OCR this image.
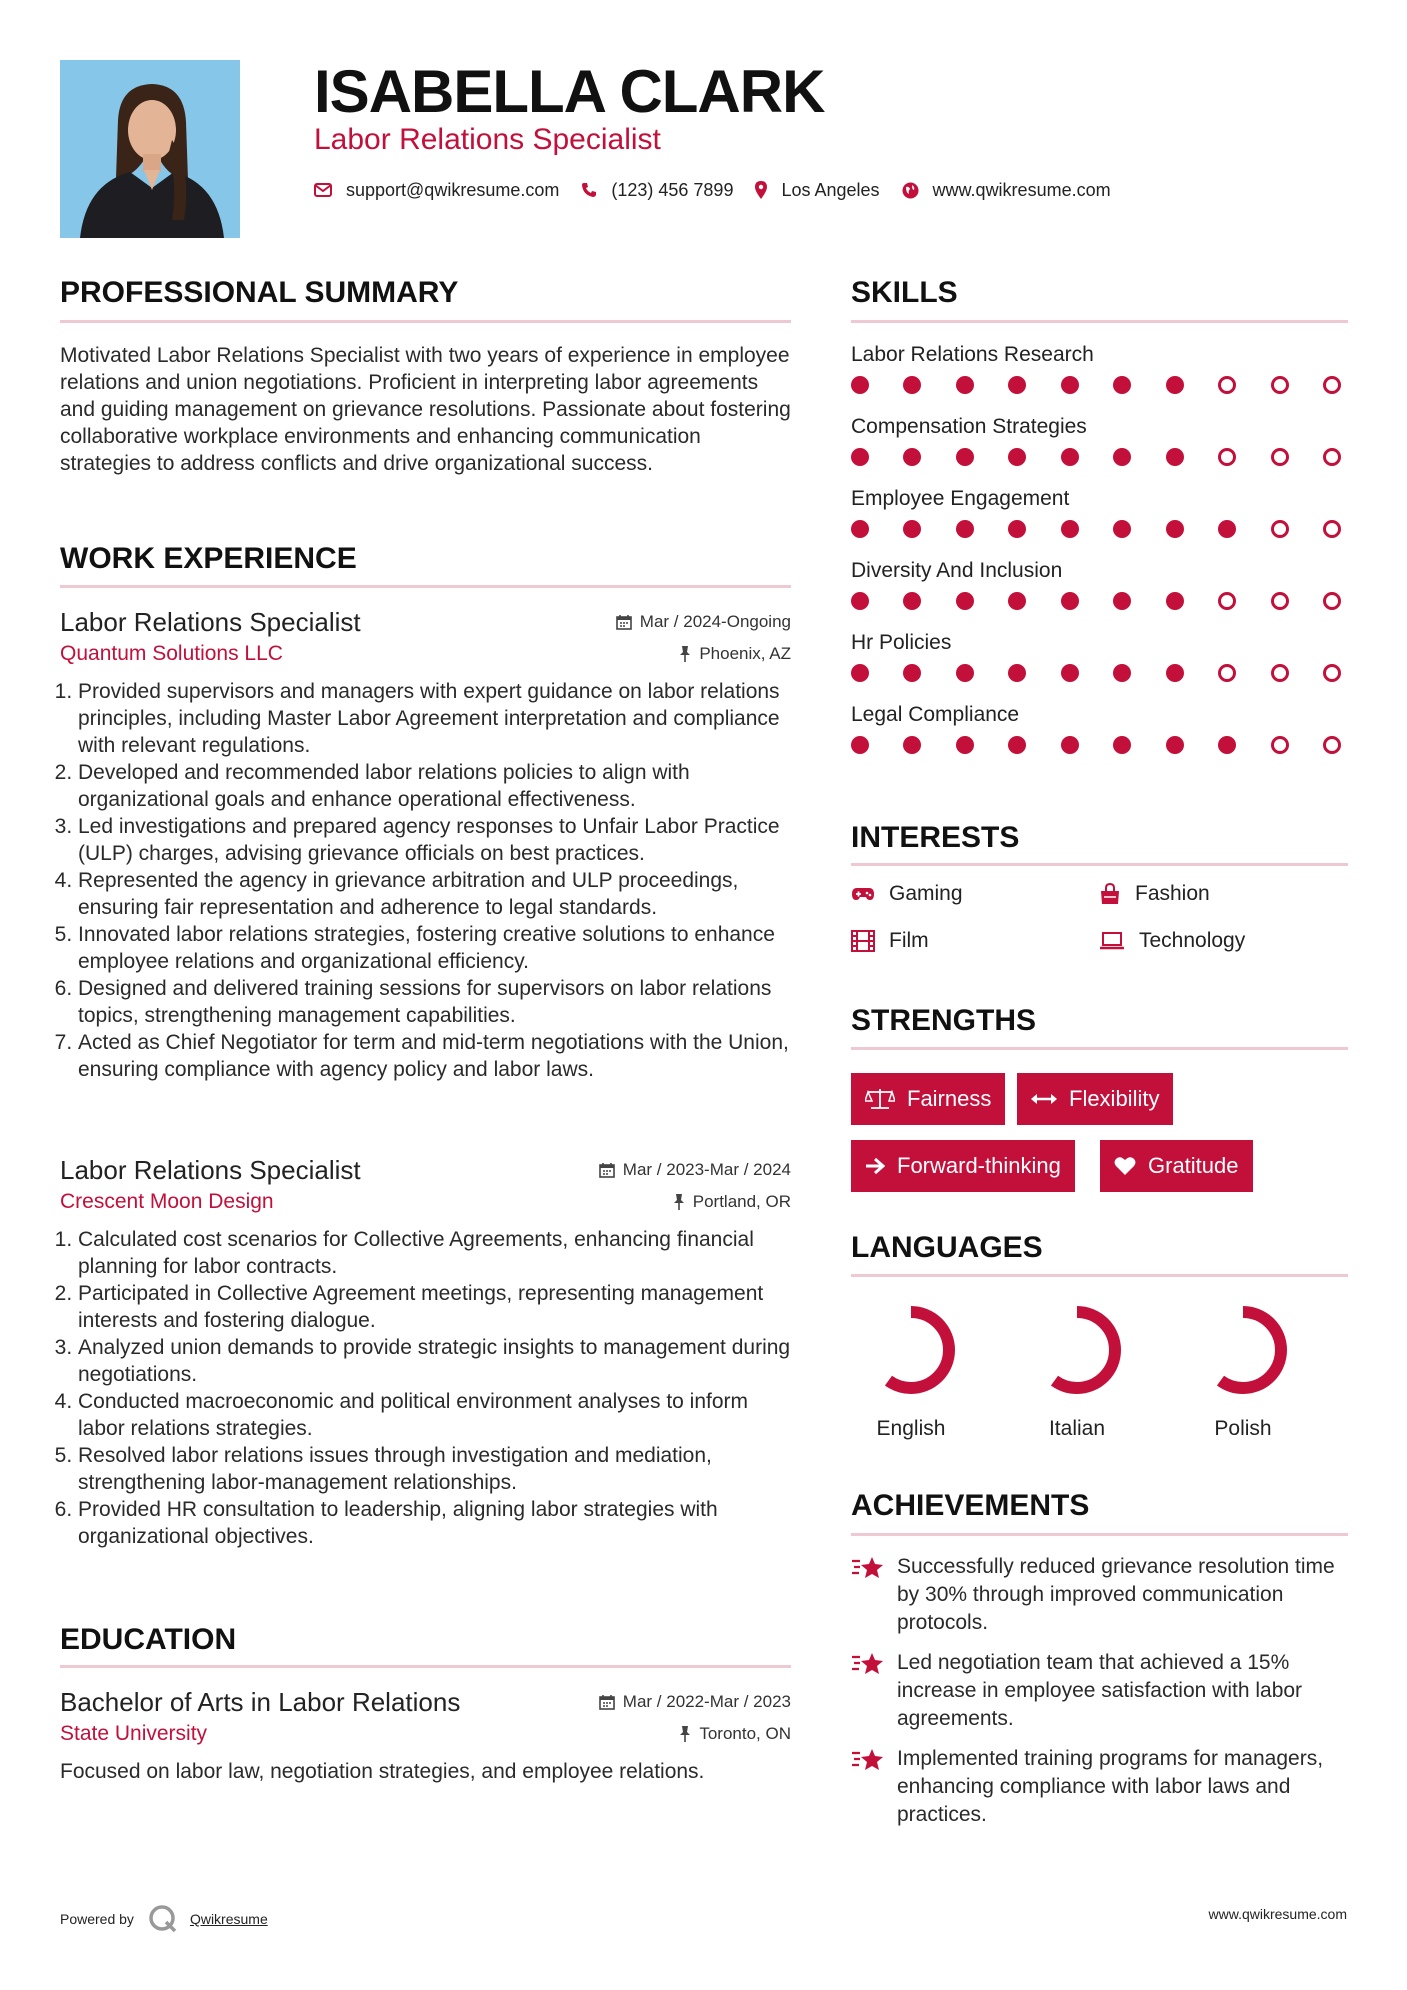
ISABELLA CLARK
Labor Relations Specialist
support@qwikresume.com	(123) 456 7899	Los Angeles	www.qwikresume.com
PROFESSIONAL SUMMARY
Motivated Labor Relations Specialist with two years of experience in employee relations and union negotiations. Proficient in interpreting labor agreements and guiding management on grievance resolutions. Passionate about fostering collaborative workplace environments and enhancing communication strategies to address conflicts and drive organizational success.
WORK EXPERIENCE
Labor Relations Specialist	Mar / 2024-Ongoing
Quantum Solutions LLC	Phoenix, AZ
1. Provided supervisors and managers with expert guidance on labor relations principles, including Master Labor Agreement interpretation and compliance with relevant regulations.
2. Developed and recommended labor relations policies to align with organizational goals and enhance operational effectiveness.
3. Led investigations and prepared agency responses to Unfair Labor Practice (ULP) charges, advising grievance officials on best practices.
4. Represented the agency in grievance arbitration and ULP proceedings, ensuring fair representation and adherence to legal standards.
5. Innovated labor relations strategies, fostering creative solutions to enhance employee relations and organizational efficiency.
6. Designed and delivered training sessions for supervisors on labor relations topics, strengthening management capabilities.
7. Acted as Chief Negotiator for term and mid-term negotiations with the Union, ensuring compliance with agency policy and labor laws.
Labor Relations Specialist	Mar / 2023-Mar / 2024
Crescent Moon Design	Portland, OR
1. Calculated cost scenarios for Collective Agreements, enhancing financial planning for labor contracts.
2. Participated in Collective Agreement meetings, representing management interests and fostering dialogue.
3. Analyzed union demands to provide strategic insights to management during negotiations.
4. Conducted macroeconomic and political environment analyses to inform labor relations strategies.
5. Resolved labor relations issues through investigation and mediation, strengthening labor-management relationships.
6. Provided HR consultation to leadership, aligning labor strategies with organizational objectives.
EDUCATION
Bachelor of Arts in Labor Relations	Mar / 2022-Mar / 2023
State University	Toronto, ON
Focused on labor law, negotiation strategies, and employee relations.
SKILLS
Labor Relations Research
Compensation Strategies
Employee Engagement
Diversity And Inclusion
Hr Policies
Legal Compliance
INTERESTS
Gaming	Fashion
Film	Technology
STRENGTHS
Fairness	Flexibility
Forward-thinking	Gratitude
LANGUAGES
English	Italian	Polish
ACHIEVEMENTS
Successfully reduced grievance resolution time by 30% through improved communication protocols.
Led negotiation team that achieved a 15% increase in employee satisfaction with labor agreements.
Implemented training programs for managers, enhancing compliance with labor laws and practices.
Powered by	Qwikresume	www.qwikresume.com
